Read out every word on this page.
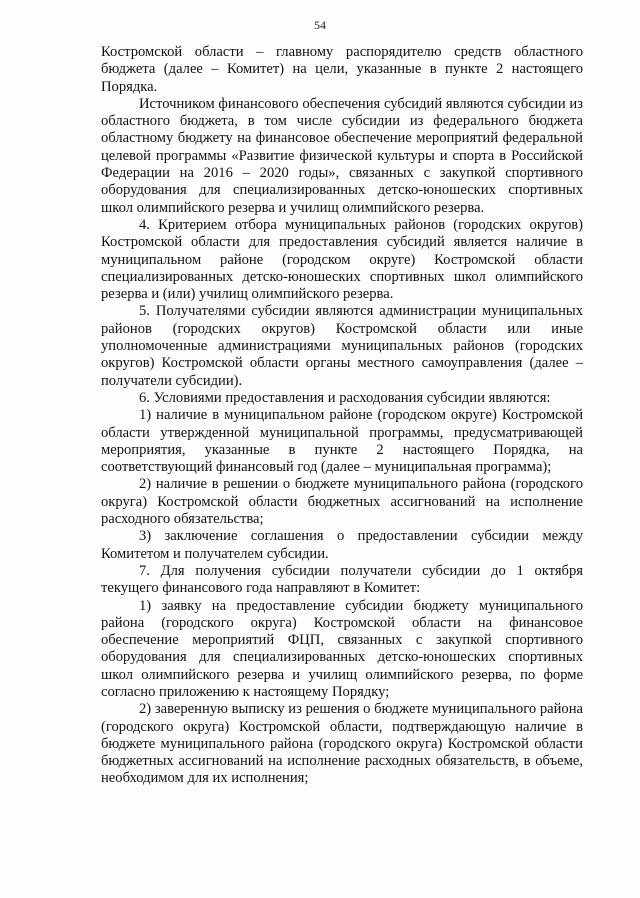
54

Костромской области – главному распорядителю средств областного бюджета (далее – Комитет) на цели, указанные в пункте 2 настоящего Порядка.

Источником финансового обеспечения субсидий являются субсидии из областного бюджета, в том числе субсидии из федерального бюджета областному бюджету на финансовое обеспечение мероприятий федеральной целевой программы «Развитие физической культуры и спорта в Российской Федерации на 2016 – 2020 годы», связанных с закупкой спортивного оборудования для специализированных детско-юношеских спортивных школ олимпийского резерва и училищ олимпийского резерва.

4. Критерием отбора муниципальных районов (городских округов) Костромской области для предоставления субсидий является наличие в муниципальном районе (городском округе) Костромской области специализированных детско-юношеских спортивных школ олимпийского резерва и (или) училищ олимпийского резерва.

5. Получателями субсидии являются администрации муниципальных районов (городских округов) Костромской области или иные уполномоченные администрациями муниципальных районов (городских округов) Костромской области органы местного самоуправления (далее – получатели субсидии).

6. Условиями предоставления и расходования субсидии являются:

1) наличие в муниципальном районе (городском округе) Костромской области утвержденной муниципальной программы, предусматривающей мероприятия, указанные в пункте 2 настоящего Порядка, на соответствующий финансовый год (далее – муниципальная программа);

2) наличие в решении о бюджете муниципального района (городского округа) Костромской области бюджетных ассигнований на исполнение расходного обязательства;

3) заключение соглашения о предоставлении субсидии между Комитетом и получателем субсидии.

7. Для получения субсидии получатели субсидии до 1 октября текущего финансового года направляют в Комитет:

1) заявку на предоставление субсидии бюджету муниципального района (городского округа) Костромской области на финансовое обеспечение мероприятий ФЦП, связанных с закупкой спортивного оборудования для специализированных детско-юношеских спортивных школ олимпийского резерва и училищ олимпийского резерва, по форме согласно приложению к настоящему Порядку;

2) заверенную выписку из решения о бюджете муниципального района (городского округа) Костромской области, подтверждающую наличие в бюджете муниципального района (городского округа) Костромской области бюджетных ассигнований на исполнение расходных обязательств, в объеме, необходимом для их исполнения;
